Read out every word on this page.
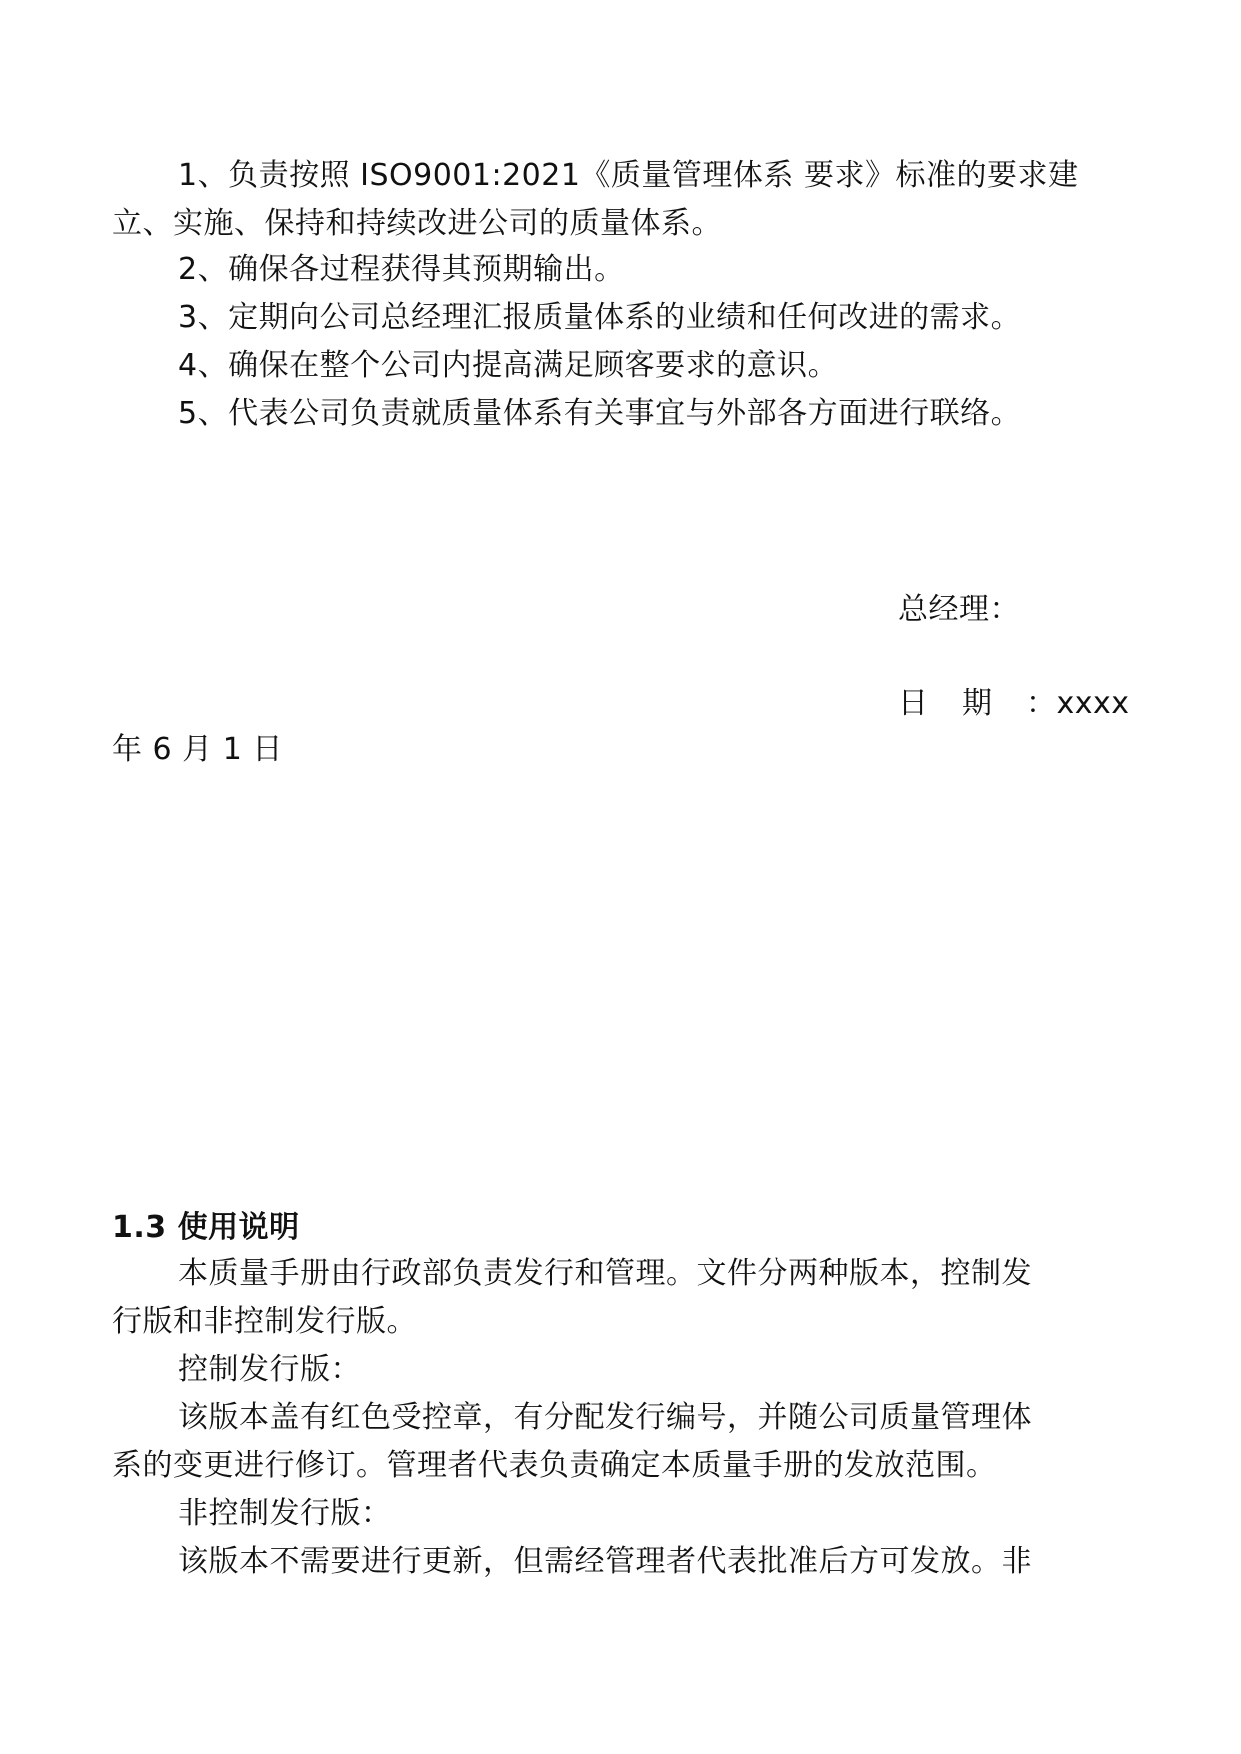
1、负责按照 ISO9001:2021《质量管理体系 要求》标准的要求建
立、实施、保持和持续改进公司的质量体系。
2、确保各过程获得其预期输出。
3、定期向公司总经理汇报质量体系的业绩和任何改进的需求。
4、确保在整个公司内提高满足顾客要求的意识。
5、代表公司负责就质量体系有关事宜与外部各方面进行联络。
总经理：
日期：xxxx
年 6 月 1 日
1.3 使用说明
本质量手册由行政部负责发行和管理。文件分两种版本，控制发
行版和非控制发行版。
控制发行版：
该版本盖有红色受控章，有分配发行编号，并随公司质量管理体
系的变更进行修订。管理者代表负责确定本质量手册的发放范围。
非控制发行版：
该版本不需要进行更新，但需经管理者代表批准后方可发放。非
